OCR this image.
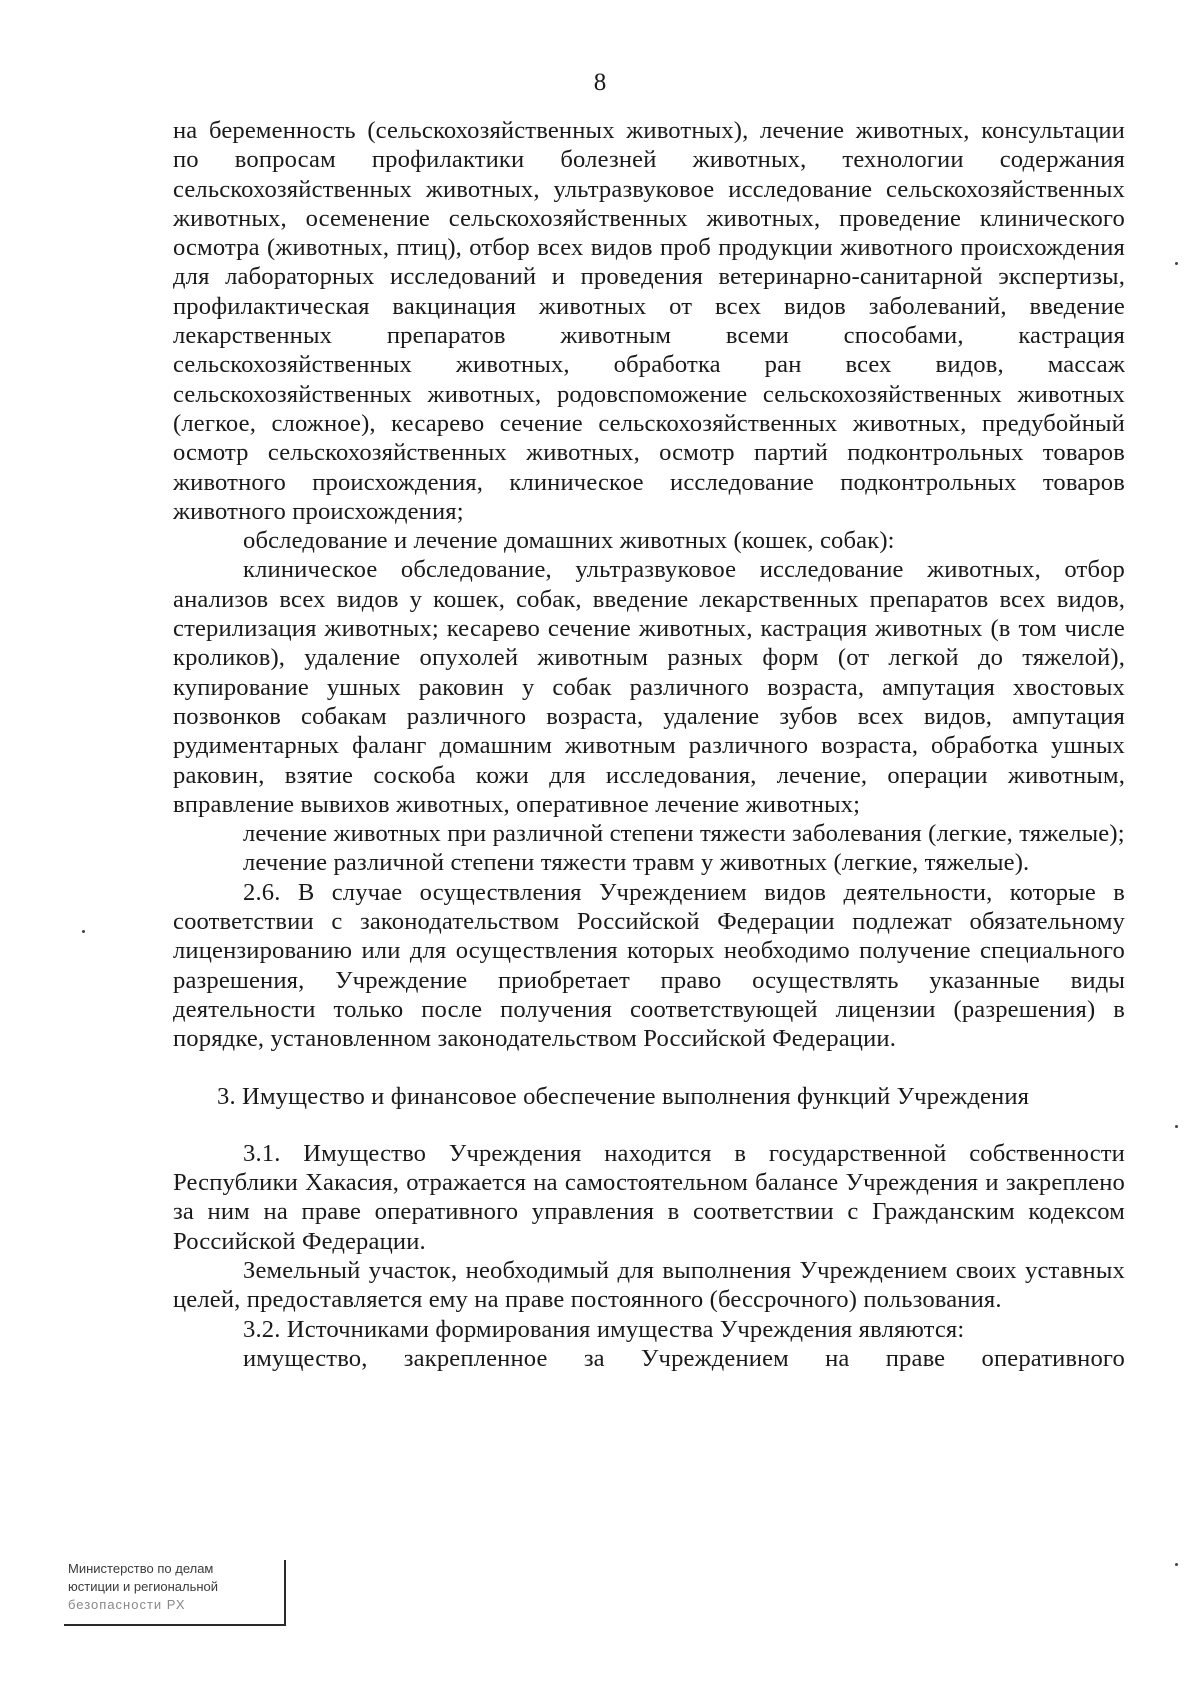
8

на беременность (сельскохозяйственных животных), лечение животных, консультации по вопросам профилактики болезней животных, технологии содержания сельскохозяйственных животных, ультразвуковое исследование сельскохозяйственных животных, осеменение сельскохозяйственных животных, проведение клинического осмотра (животных, птиц), отбор всех видов проб продукции животного происхождения для лабораторных исследований и проведения ветеринарно-санитарной экспертизы, профилактическая вакцинация животных от всех видов заболеваний, введение лекарственных препаратов животным всеми способами, кастрация сельскохозяйственных животных, обработка ран всех видов, массаж сельскохозяйственных животных, родовспоможение сельскохозяйственных животных (легкое, сложное), кесарево сечение сельскохозяйственных животных, предубойный осмотр сельскохозяйственных животных, осмотр партий подконтрольных товаров животного происхождения, клиническое исследование подконтрольных товаров животного происхождения;

обследование и лечение домашних животных (кошек, собак):

клиническое обследование, ультразвуковое исследование животных, отбор анализов всех видов у кошек, собак, введение лекарственных препаратов всех видов, стерилизация животных; кесарево сечение животных, кастрация животных (в том числе кроликов), удаление опухолей животным разных форм (от легкой до тяжелой), купирование ушных раковин у собак различного возраста, ампутация хвостовых позвонков собакам различного возраста, удаление зубов всех видов, ампутация рудиментарных фаланг домашним животным различного возраста, обработка ушных раковин, взятие соскоба кожи для исследования, лечение, операции животным, вправление вывихов животных, оперативное лечение животных;

лечение животных при различной степени тяжести заболевания (легкие, тяжелые);

лечение различной степени тяжести травм у животных (легкие, тяжелые).

2.6. В случае осуществления Учреждением видов деятельности, которые в соответствии с законодательством Российской Федерации подлежат обязательному лицензированию или для осуществления которых необходимо получение специального разрешения, Учреждение приобретает право осуществлять указанные виды деятельности только после получения соответствующей лицензии (разрешения) в порядке, установленном законодательством Российской Федерации.

3. Имущество и финансовое обеспечение выполнения функций Учреждения

3.1. Имущество Учреждения находится в государственной собственности Республики Хакасия, отражается на самостоятельном балансе Учреждения и закреплено за ним на праве оперативного управления в соответствии с Гражданским кодексом Российской Федерации.

Земельный участок, необходимый для выполнения Учреждением своих уставных целей, предоставляется ему на праве постоянного (бессрочного) пользования.

3.2. Источниками формирования имущества Учреждения являются:

имущество, закрепленное за Учреждением на праве оперативного

Министерство по делам
юстиции и региональной
безопасности РХ
